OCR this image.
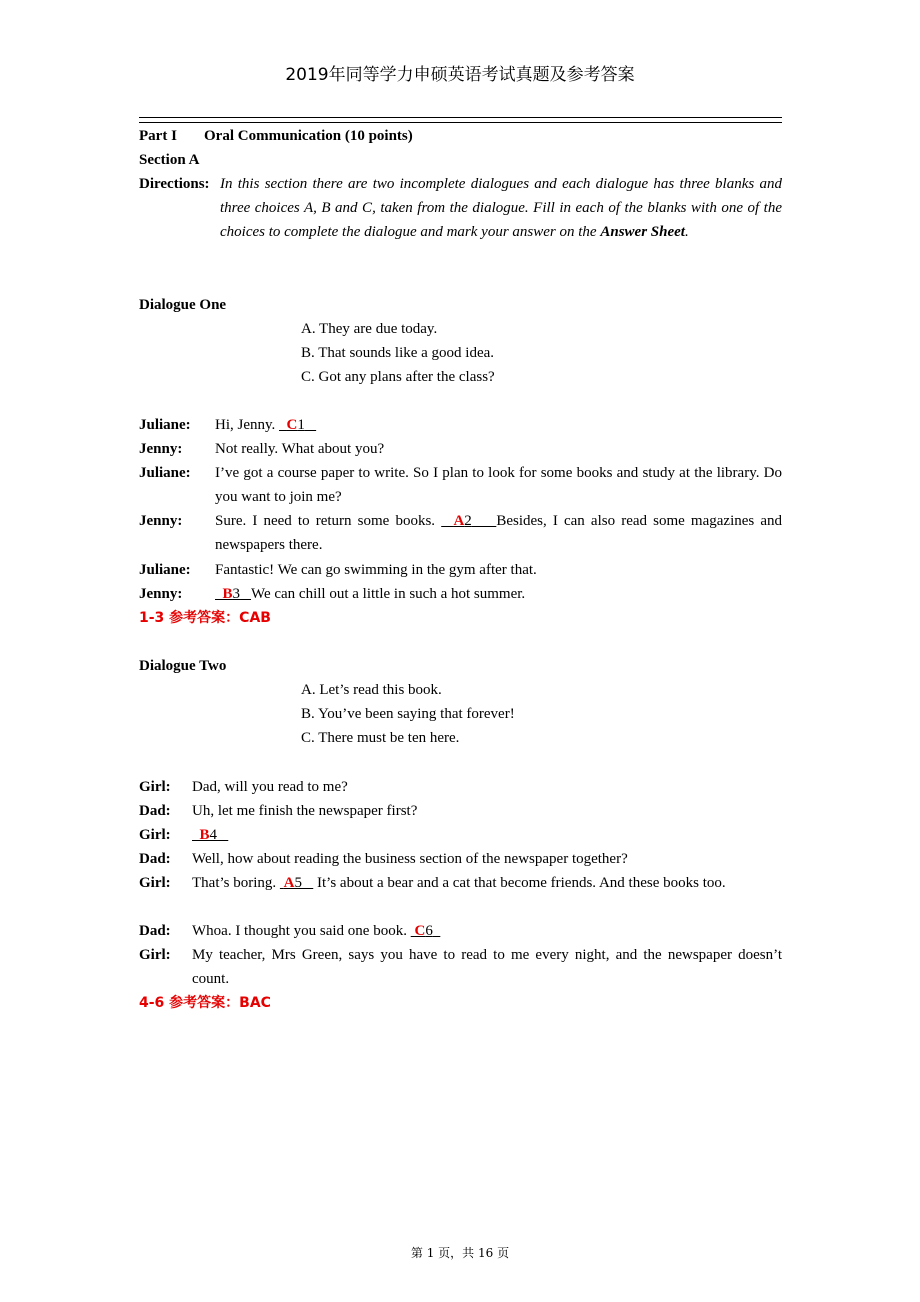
2019年同等学力申硕英语考试真题及参考答案
Part I Oral Communication (10 points)
Section A
Directions: In this section there are two incomplete dialogues and each dialogue has three blanks and three choices A, B and C, taken from the dialogue. Fill in each of the blanks with one of the choices to complete the dialogue and mark your answer on the Answer Sheet.
Dialogue One
A. They are due today.
B. That sounds like a good idea.
C. Got any plans after the class?
Juliane: Hi, Jenny.   C1
Jenny: Not really. What about you?
Juliane: I’ve got a course paper to write. So I plan to look for some books and study at the library. Do you want to join me?
Jenny: Sure. I need to return some books.   A2 Besides, I can also read some magazines and newspapers there.
Juliane: Fantastic! We can go swimming in the gym after that.
Jenny:	B3 We can chill out a little in such a hot summer.
1-3 参考答案：CAB
Dialogue Two
A. Let’s read this book.
B. You’ve been saying that forever!
C. There must be ten here.
Girl: Dad, will you read to me?
Dad: Uh, let me finish the newspaper first?
Girl:	B4
Dad: Well, how about reading the business section of the newspaper together?
Girl: That’s boring.  A5    It’s about a bear and a cat that become friends. And these books too.
Dad: Whoa. I thought you said one book.  C6
Girl: My teacher, Mrs Green, says you have to read to me every night, and the newspaper doesn’t count.
4-6 参考答案：BAC
第 1 页，共 16 页
